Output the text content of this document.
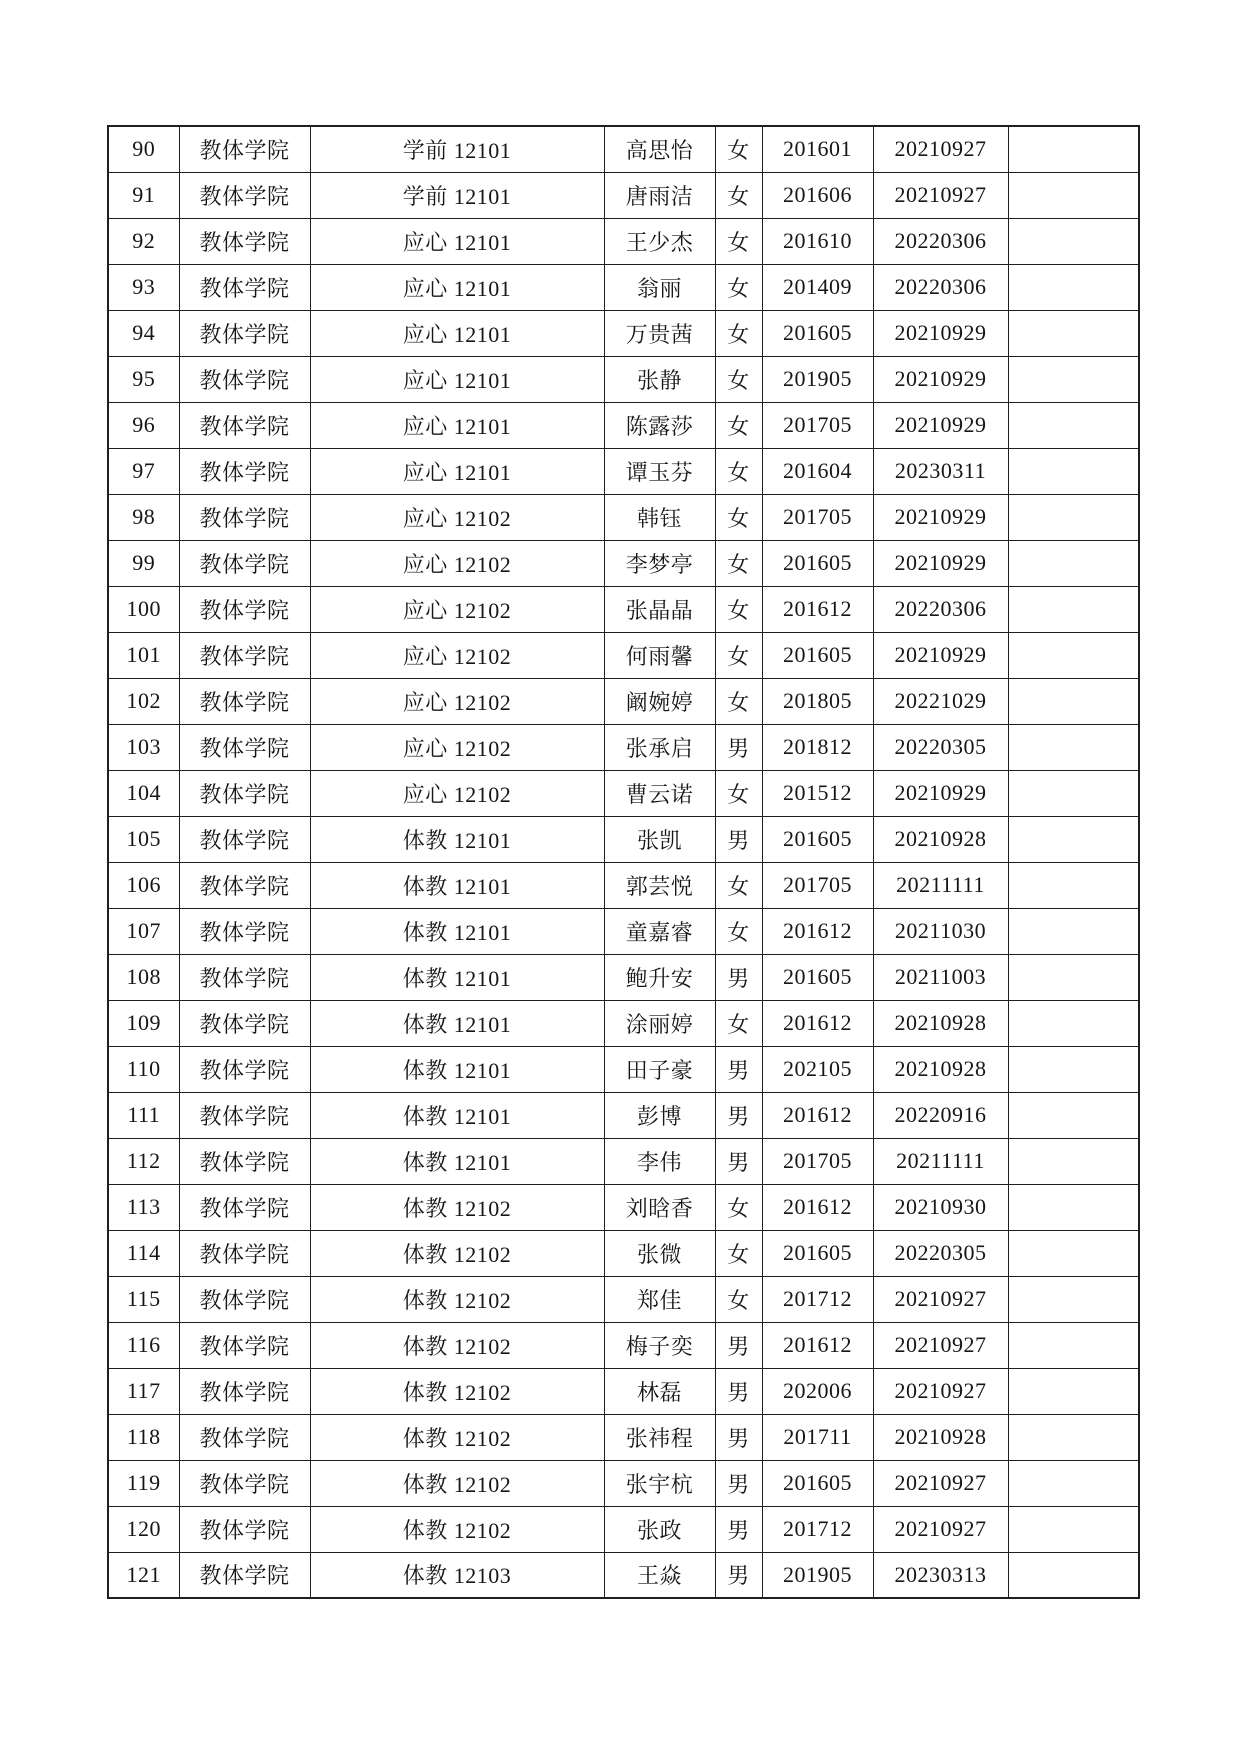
90	教体学院	学前 12101	高思怡	女	201601	20210927	
91	教体学院	学前 12101	唐雨洁	女	201606	20210927	
92	教体学院	应心 12101	王少杰	女	201610	20220306	
93	教体学院	应心 12101	翁丽	女	201409	20220306	
94	教体学院	应心 12101	万贵茜	女	201605	20210929	
95	教体学院	应心 12101	张静	女	201905	20210929	
96	教体学院	应心 12101	陈露莎	女	201705	20210929	
97	教体学院	应心 12101	谭玉芬	女	201604	20230311	
98	教体学院	应心 12102	韩钰	女	201705	20210929	
99	教体学院	应心 12102	李梦亭	女	201605	20210929	
100	教体学院	应心 12102	张晶晶	女	201612	20220306	
101	教体学院	应心 12102	何雨馨	女	201605	20210929	
102	教体学院	应心 12102	阚婉婷	女	201805	20221029	
103	教体学院	应心 12102	张承启	男	201812	20220305	
104	教体学院	应心 12102	曹云诺	女	201512	20210929	
105	教体学院	体教 12101	张凯	男	201605	20210928	
106	教体学院	体教 12101	郭芸悦	女	201705	20211111	
107	教体学院	体教 12101	童嘉睿	女	201612	20211030	
108	教体学院	体教 12101	鲍升安	男	201605	20211003	
109	教体学院	体教 12101	涂丽婷	女	201612	20210928	
110	教体学院	体教 12101	田子豪	男	202105	20210928	
111	教体学院	体教 12101	彭博	男	201612	20220916	
112	教体学院	体教 12101	李伟	男	201705	20211111	
113	教体学院	体教 12102	刘晗香	女	201612	20210930	
114	教体学院	体教 12102	张微	女	201605	20220305	
115	教体学院	体教 12102	郑佳	女	201712	20210927	
116	教体学院	体教 12102	梅子奕	男	201612	20210927	
117	教体学院	体教 12102	林磊	男	202006	20210927	
118	教体学院	体教 12102	张祎程	男	201711	20210928	
119	教体学院	体教 12102	张宇杭	男	201605	20210927	
120	教体学院	体教 12102	张政	男	201712	20210927	
121	教体学院	体教 12103	王焱	男	201905	20230313	
